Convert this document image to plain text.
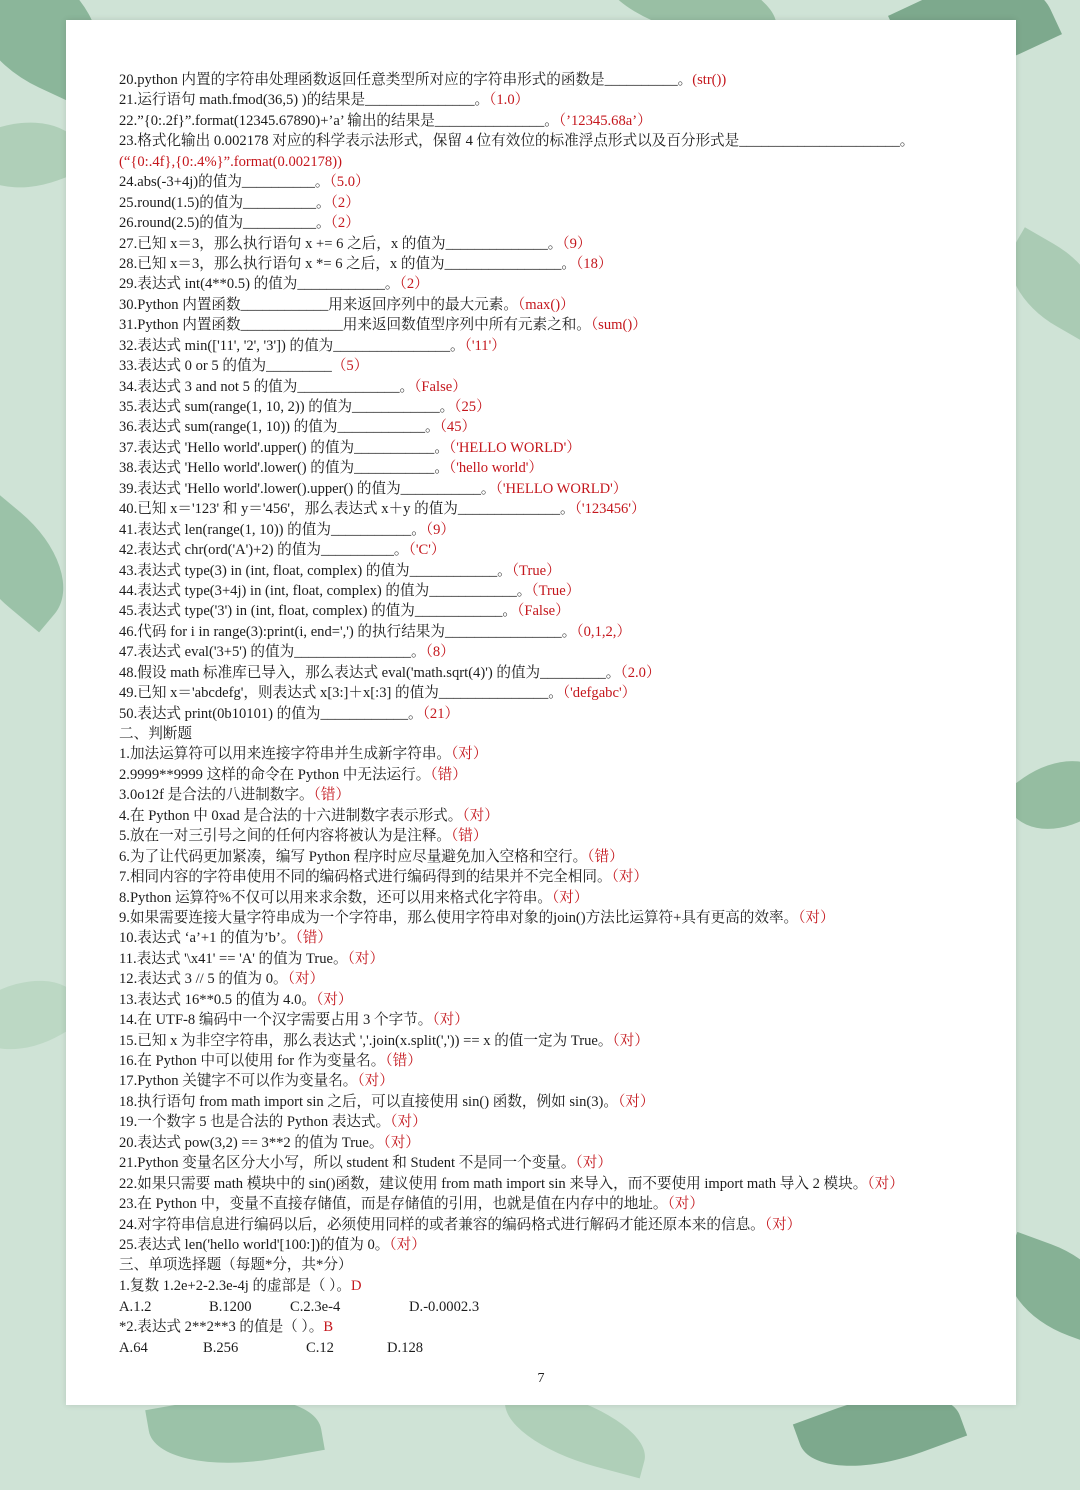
20.python 内置的字符串处理函数返回任意类型所对应的字符串形式的函数是__________。(str())
21.运行语句 math.fmod(36,5) )的结果是_______________。（1.0）
22.”{0:.2f}”.format(12345.67890)+’a’ 输出的结果是_______________。（’12345.68a’）
23.格式化输出 0.002178 对应的科学表示法形式，保留 4 位有效位的标准浮点形式以及百分形式是______________________。
(“{0:.4f},{0:.4%}”.format(0.002178))
24.abs(-3+4j)的值为__________。（5.0）
25.round(1.5)的值为__________。（2）
26.round(2.5)的值为__________。（2）
27.已知 x＝3，那么执行语句 x += 6 之后，x 的值为______________。（9）
28.已知 x＝3，那么执行语句 x *= 6 之后，x 的值为________________。（18）
29.表达式 int(4**0.5) 的值为____________。（2）
30.Python 内置函数____________用来返回序列中的最大元素。（max()）
31.Python 内置函数______________用来返回数值型序列中所有元素之和。（sum()）
32.表达式 min(['11', '2', '3']) 的值为________________。（'11'）
33.表达式 0 or 5 的值为_________（5）
34.表达式 3 and not 5 的值为______________。（False）
35.表达式 sum(range(1, 10, 2)) 的值为____________。（25）
36.表达式 sum(range(1, 10)) 的值为____________。（45）
37.表达式 'Hello world'.upper() 的值为___________。（'HELLO WORLD'）
38.表达式 'Hello world'.lower() 的值为___________。（'hello world'）
39.表达式 'Hello world'.lower().upper() 的值为___________。（'HELLO WORLD'）
40.已知 x＝'123' 和 y＝'456'，那么表达式 x＋y 的值为______________。（'123456'）
41.表达式 len(range(1, 10)) 的值为___________。（9）
42.表达式 chr(ord('A')+2) 的值为__________。（'C'）
43.表达式 type(3) in (int, float, complex) 的值为____________。（True）
44.表达式 type(3+4j) in (int, float, complex) 的值为____________。（True）
45.表达式 type('3') in (int, float, complex) 的值为____________。（False）
46.代码 for i in range(3):print(i, end=',') 的执行结果为________________。（0,1,2,）
47.表达式 eval('3+5') 的值为________________。（8）
48.假设 math 标准库已导入，那么表达式 eval('math.sqrt(4)') 的值为_________。（2.0）
49.已知 x＝'abcdefg'，则表达式 x[3:]＋x[:3] 的值为_______________。（'defgabc'）
50.表达式 print(0b10101) 的值为____________。（21）
二、判断题
1.加法运算符可以用来连接字符串并生成新字符串。（对）
2.9999**9999 这样的命令在 Python 中无法运行。（错）
3.0o12f 是合法的八进制数字。（错）
4.在 Python 中 0xad 是合法的十六进制数字表示形式。（对）
5.放在一对三引号之间的任何内容将被认为是注释。（错）
6.为了让代码更加紧凑，编写 Python 程序时应尽量避免加入空格和空行。（错）
7.相同内容的字符串使用不同的编码格式进行编码得到的结果并不完全相同。（对）
8.Python 运算符%不仅可以用来求余数，还可以用来格式化字符串。（对）
9.如果需要连接大量字符串成为一个字符串，那么使用字符串对象的join()方法比运算符+具有更高的效率。（对）
10.表达式 ‘a’+1 的值为’b’。（错）
11.表达式 '\x41' == 'A' 的值为 True。（对）
12.表达式 3 // 5 的值为 0。（对）
13.表达式 16**0.5 的值为 4.0。（对）
14.在 UTF-8 编码中一个汉字需要占用 3 个字节。（对）
15.已知 x 为非空字符串，那么表达式 ','.join(x.split(',')) == x 的值一定为 True。（对）
16.在 Python 中可以使用 for 作为变量名。（错）
17.Python 关键字不可以作为变量名。（对）
18.执行语句 from math import sin 之后，可以直接使用 sin() 函数，例如 sin(3)。（对）
19.一个数字 5 也是合法的 Python 表达式。（对）
20.表达式 pow(3,2) == 3**2 的值为 True。（对）
21.Python 变量名区分大小写，所以 student 和 Student 不是同一个变量。（对）
22.如果只需要 math 模块中的 sin()函数，建议使用 from math import sin 来导入，而不要使用 import math 导入 2 模块。（对）
23.在 Python 中，变量不直接存储值，而是存储值的引用，也就是值在内存中的地址。（对）
24.对字符串信息进行编码以后，必须使用同样的或者兼容的编码格式进行解码才能还原本来的信息。（对）
25.表达式 len('hello world'[100:])的值为 0。（对）
三、单项选择题（每题*分，共*分）
1.复数 1.2e+2-2.3e-4j 的虚部是（ ）。D
A.1.2	B.1200	C.2.3e-4	D.-0.0002.3
*2.表达式 2**2**3 的值是（ ）。B
A.64	B.256	C.12	D.128
7
